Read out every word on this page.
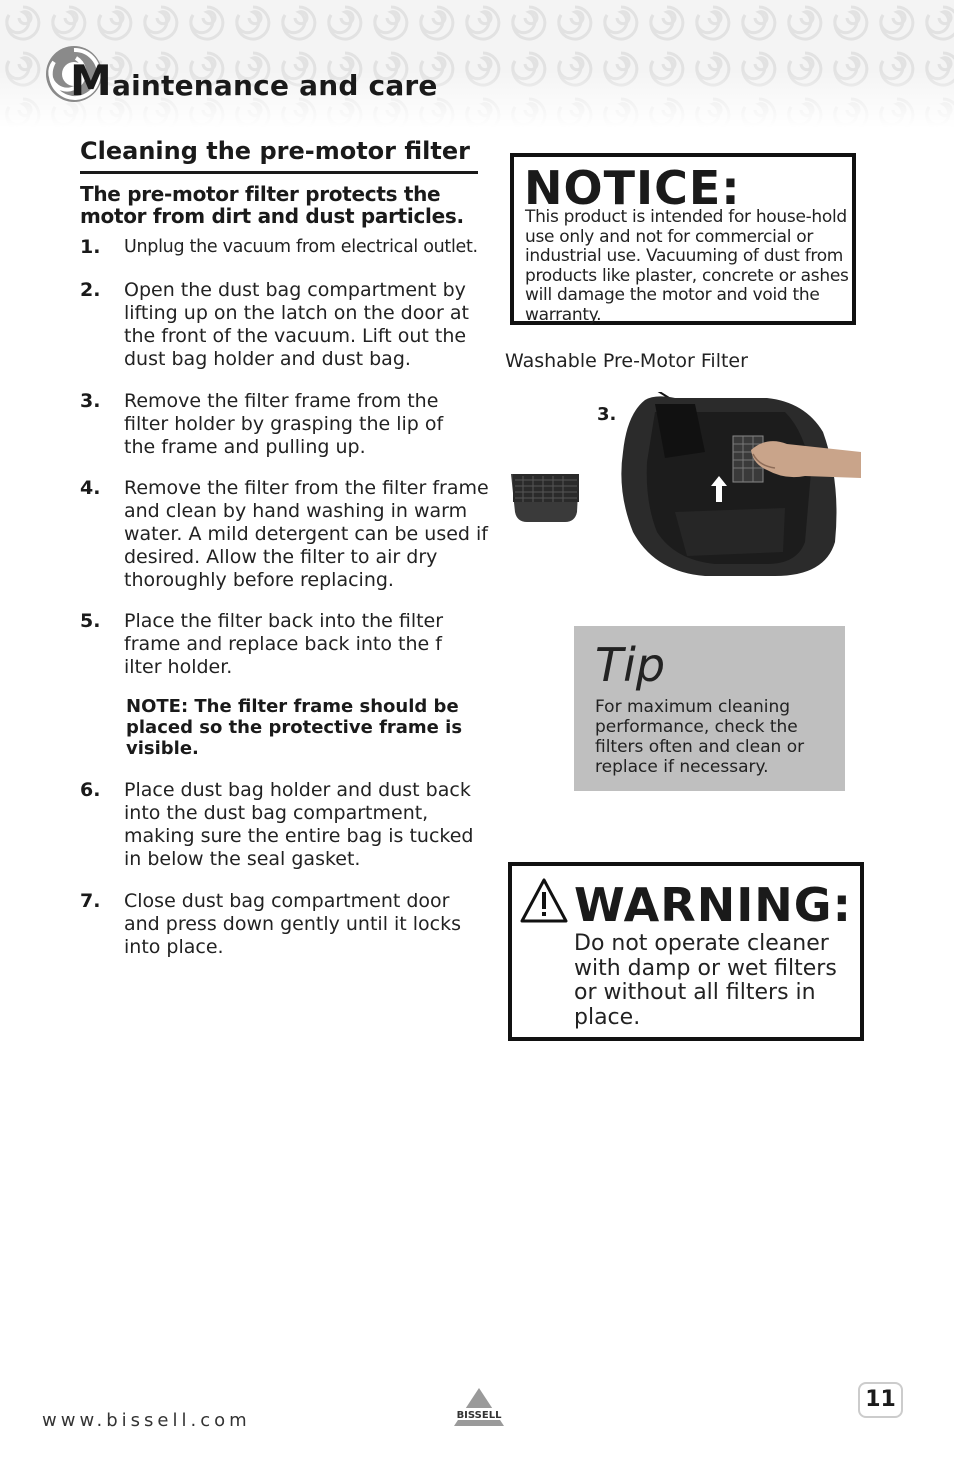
Maintenance and care
Cleaning the pre-motor filter
The pre-motor filter protects the
motor from dirt and dust particles.
1. Unplug the vacuum from electrical outlet.
2. Open the dust bag compartment by lifting up on the latch on the door at the front of the vacuum. Lift out the dust bag holder and dust bag.
3. Remove the filter frame from the filter holder by grasping the lip of the frame and pulling up.
4. Remove the filter from the filter frame and clean by hand washing in warm water. A mild detergent can be used if desired. Allow the filter to air dry thoroughly before replacing.
5. Place the filter back into the filter frame and replace back into the f ilter holder.
6. Place dust bag holder and dust back into the dust bag compartment, making sure the entire bag is tucked in below the seal gasket.
7. Close dust bag compartment door and press down gently until it locks into place.
NOTE: The filter frame should be placed so the protective frame is visible.
NOTICE:
This product is intended for house-hold use only and not for commercial or industrial use. Vacuuming of dust from products like plaster, concrete or ashes will damage the motor and void the warranty.
Washable Pre-Motor Filter
3.
Tip
For maximum cleaning performance, check the filters often and clean or replace if necessary.
WARNING:
Do not operate cleaner with damp or wet filters or without all filters in place.
www.bissell.com	BISSELL
11
